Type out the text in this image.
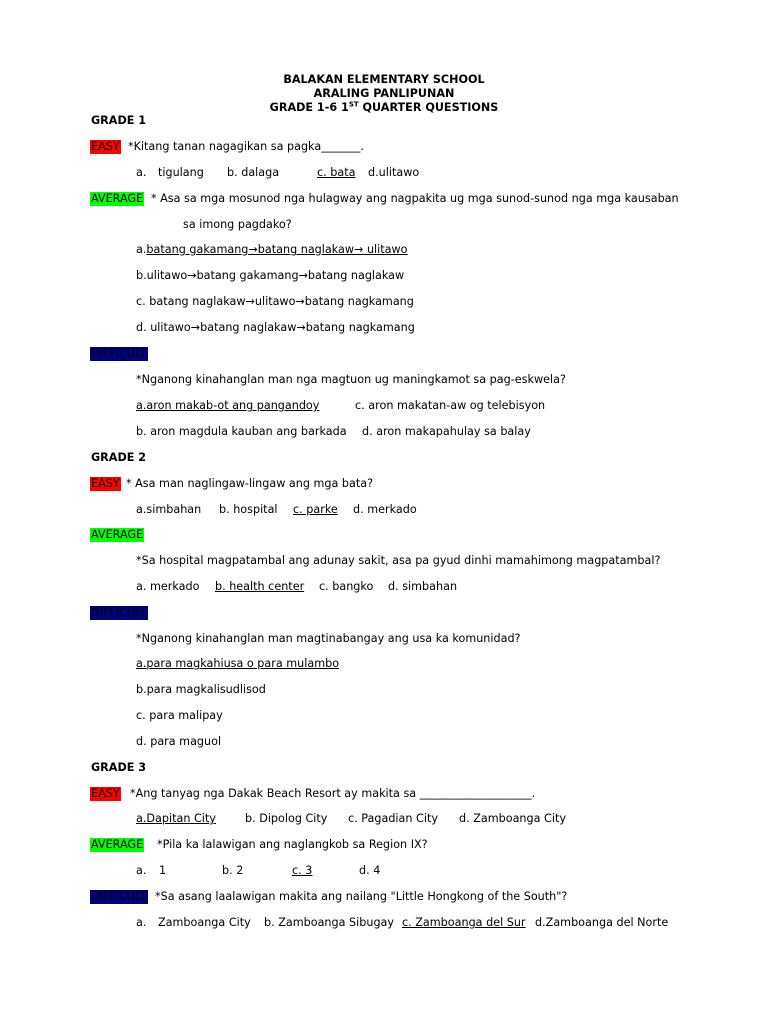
BALAKAN ELEMENTARY SCHOOL
ARALING PANLIPUNAN
GRADE 1-6 1ST QUARTER QUESTIONS
GRADE 1
EASY *Kitang tanan nagagikan sa pagka_______.
a. tigulang b. dalaga	c. bata d.ulitawo
AVERAGE * Asa sa mga mosunod nga hulagway ang nagpakita ug mga sunod-sunod nga mga kausaban
sa imong pagdako?
a.batang gakamang→batang naglakaw→ ulitawo
b.ulitawo→batang gakamang→batang naglakaw
c. batang naglakaw→ulitawo→batang nagkamang
d. ulitawo→batang naglakaw→batang nagkamang
DIFFICULT
*Nganong kinahanglan man nga magtuon ug maningkamot sa pag-eskwela?
a.aron makab-ot ang pangandoy	c. aron makatan-aw og telebisyon
b. aron magdula kauban ang barkada d. aron makapahulay sa balay
GRADE 2
EASY * Asa man naglingaw-lingaw ang mga bata?
a.simbahan b. hospital c. parke d. merkado
AVERAGE
*Sa hospital magpatambal ang adunay sakit, asa pa gyud dinhi mamahimong magpatambal?
a. merkado b. health center c. bangko d. simbahan
DIFFICULT
*Nganong kinahanglan man magtinabangay ang usa ka komunidad?
a.para magkahiusa o para mulambo
b.para magkalisudlisod
c. para malipay
d. para maguol
GRADE 3
EASY *Ang tanyag nga Dakak Beach Resort ay makita sa ____________________.
a.Dapitan City	b. Dipolog City c. Pagadian City d. Zamboanga City
AVERAGE *Pila ka lalawigan ang naglangkob sa Region IX?
a. 1	b. 2	c. 3	d. 4
DIFFICULT *Sa asang laalawigan makita ang nailang "Little Hongkong of the South"?
a. Zamboanga City b. Zamboanga Sibugay c. Zamboanga del Sur d.Zamboanga del Norte
